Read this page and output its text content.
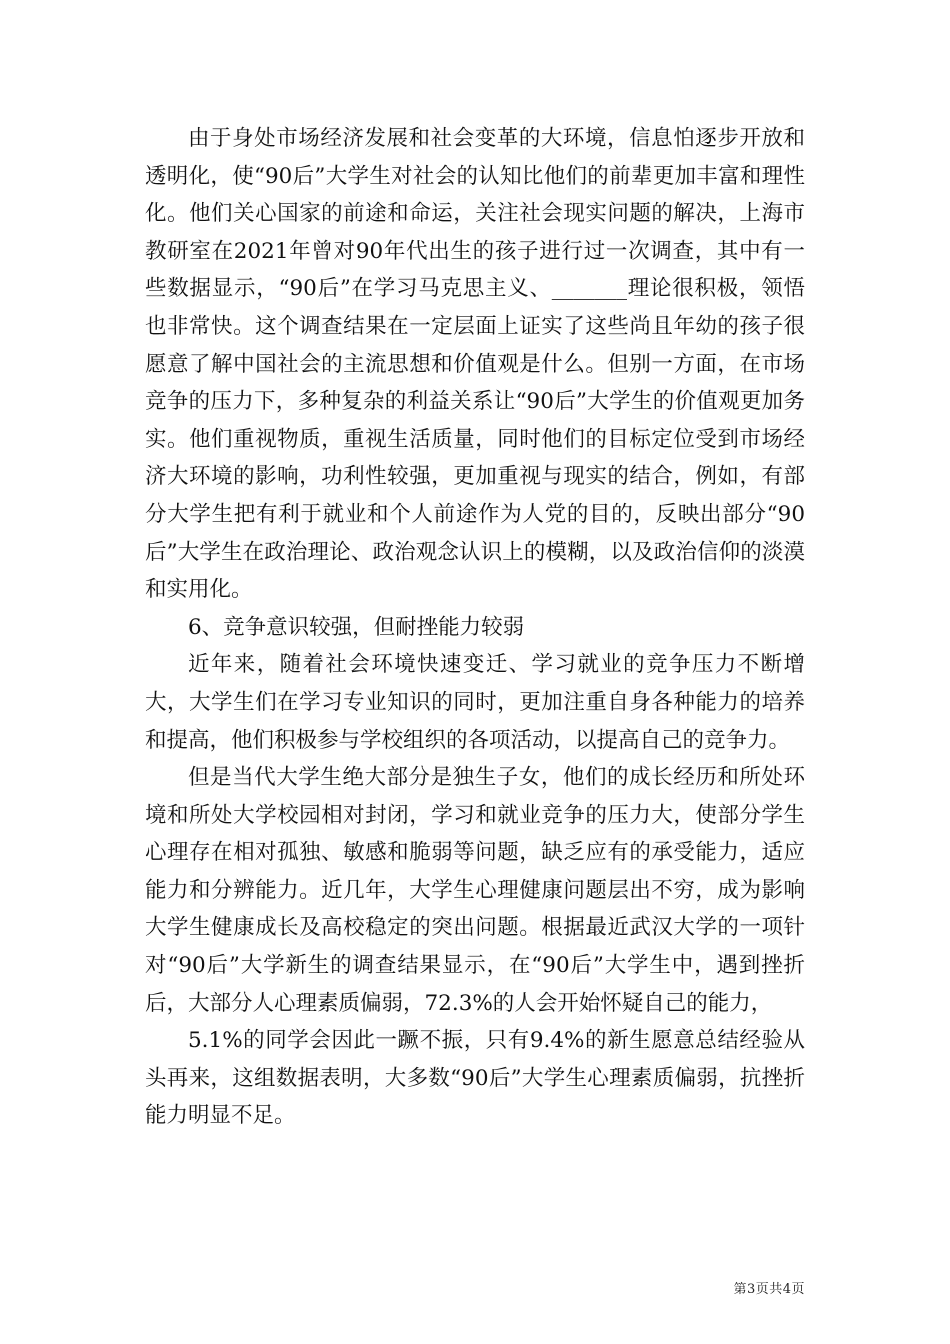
由于身处市场经济发展和社会变革的大环境，信息怕逐步开放和透明化，使“90后”大学生对社会的认知比他们的前辈更加丰富和理性化。他们关心国家的前途和命运，关注社会现实问题的解决，上海市教研室在2021年曾对90年代出生的孩子进行过一次调查，其中有一些数据显示，“90后”在学习马克思主义、_______理论很积极，领悟也非常快。这个调查结果在一定层面上证实了这些尚且年幼的孩子很愿意了解中国社会的主流思想和价值观是什么。但别一方面，在市场竞争的压力下，多种复杂的利益关系让“90后”大学生的价值观更加务实。他们重视物质，重视生活质量，同时他们的目标定位受到市场经济大环境的影响，功利性较强，更加重视与现实的结合，例如，有部分大学生把有利于就业和个人前途作为人党的目的，反映出部分“90后”大学生在政治理论、政治观念认识上的模糊，以及政治信仰的淡漠和实用化。

6、竞争意识较强，但耐挫能力较弱

近年来，随着社会环境快速变迁、学习就业的竞争压力不断增大，大学生们在学习专业知识的同时，更加注重自身各种能力的培养和提高，他们积极参与学校组织的各项活动，以提高自己的竞争力。

但是当代大学生绝大部分是独生子女，他们的成长经历和所处环境和所处大学校园相对封闭，学习和就业竞争的压力大，使部分学生心理存在相对孤独、敏感和脆弱等问题，缺乏应有的承受能力，适应能力和分辨能力。近几年，大学生心理健康问题层出不穷，成为影响大学生健康成长及高校稳定的突出问题。根据最近武汉大学的一项针对“90后”大学新生的调查结果显示，在“90后”大学生中，遇到挫折后，大部分人心理素质偏弱，72.3%的人会开始怀疑自己的能力，

5.1%的同学会因此一蹶不振，只有9.4%的新生愿意总结经验从头再来，这组数据表明，大多数“90后”大学生心理素质偏弱，抗挫折能力明显不足。

第3页共4页
